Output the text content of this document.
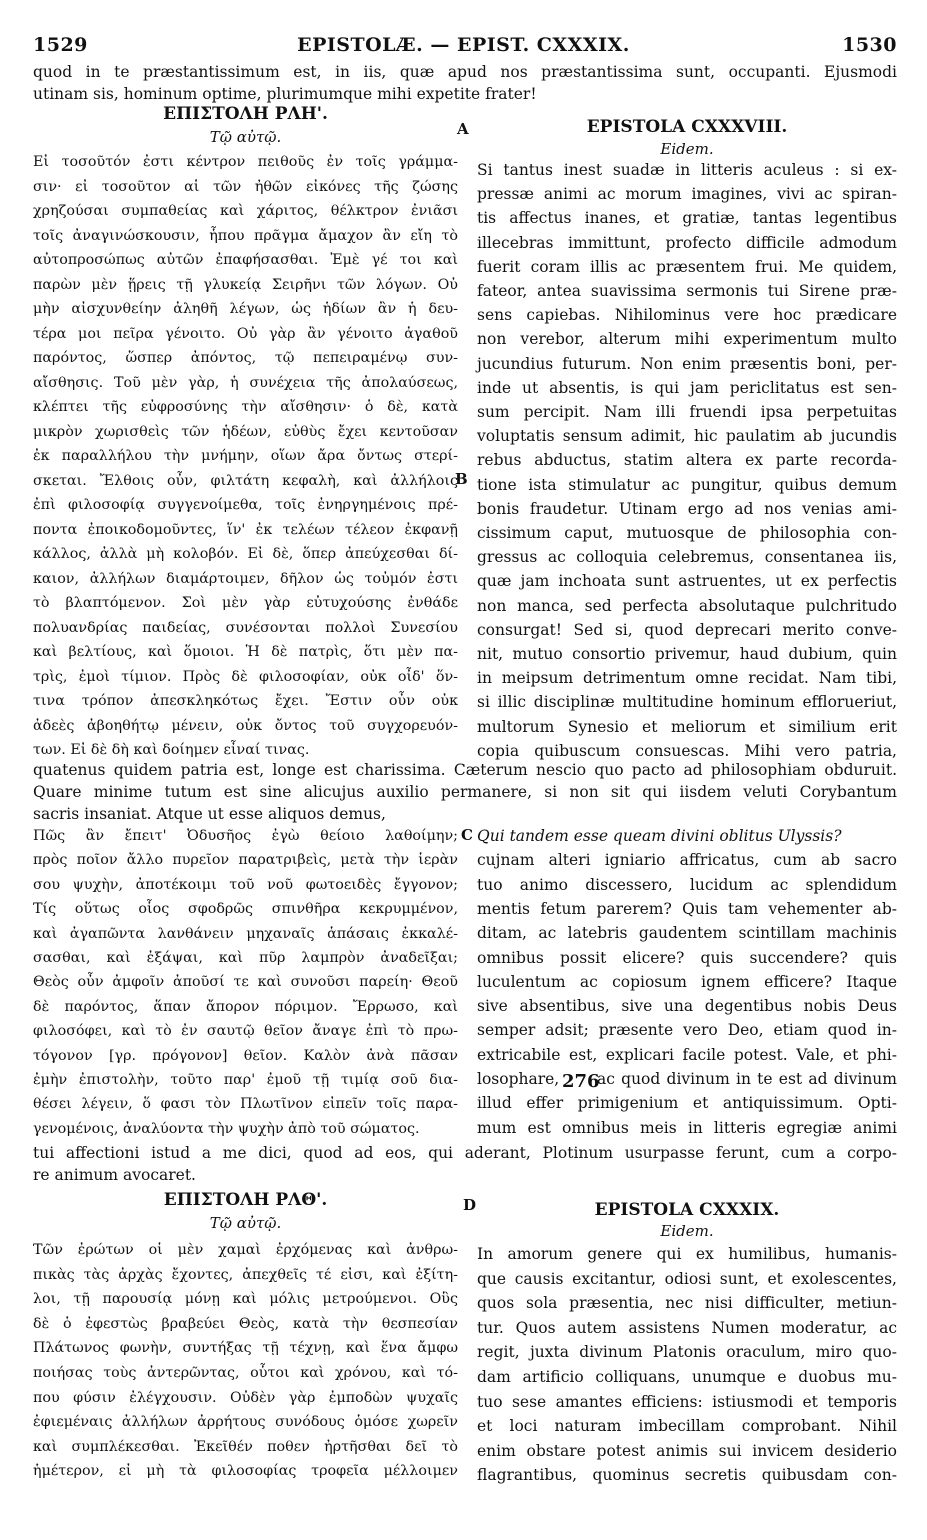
1529	EPISTOLÆ. — EPIST. CXXXIX.	1530
quod in te præstantissimum est, in iis, quæ apud nos præstantissima sunt, occupanti. Ejusmodi
utinam sis, hominum optime, plurimumque mihi expetite frater!
ΕΠΙΣΤΟΛΗ ΡΛΗ'.
Τῷ αὐτῷ.	A	EPISTOLA CXXXVIII.
Eidem.
Εἰ τοσοῦτόν ἐστι κέντρον πειθοῦς ἐν τοῖς γράμμα-
σιν· εἰ τοσοῦτον αἱ τῶν ἠθῶν εἰκόνες τῆς ζώσης
χρηζούσαι συμπαθείας καὶ χάριτος, θέλκτρον ἐνιᾶσι
τοῖς ἀναγινώσκουσιν, ἧπου πρᾶγμα ἄμαχον ἂν εἴη τὸ
αὐτοπροσώπως αὐτῶν ἐπαφήσασθαι. Ἐμὲ γέ τοι καὶ
παρὼν μὲν ᾕρεις τῇ γλυκείᾳ Σειρῆνι τῶν λόγων. Οὐ
μὴν αἰσχυνθείην ἀληθῆ λέγων, ὡς ἡδίων ἂν ἡ δευ-
τέρα μοι πεῖρα γένοιτο. Οὐ γὰρ ἂν γένοιτο ἀγαθοῦ
παρόντος, ὥσπερ ἀπόντος, τῷ πεπειραμένῳ συν-
αἴσθησις. Τοῦ μὲν γὰρ, ἡ συνέχεια τῆς ἀπολαύσεως,
κλέπτει τῆς εὐφροσύνης τὴν αἴσθησιν· ὁ δὲ, κατὰ
μικρὸν χωρισθεὶς τῶν ἡδέων, εὐθὺς ἔχει κεντοῦσαν
ἐκ παραλλήλου τὴν μνήμην, οἵων ἄρα ὄντως στερί-
σκεται. Ἔλθοις οὖν, φιλτάτη κεφαλὴ, καὶ ἀλλήλοις
ἐπὶ φιλοσοφίᾳ συγγενοίμεθα, τοῖς ἐνηργημένοις πρέ-
ποντα ἐποικοδομοῦντες, ἵν' ἐκ τελέων τέλεον ἐκφανῇ
κάλλος, ἀλλὰ μὴ κολοβόν. Εἰ δὲ, ὅπερ ἀπεύχεσθαι δί-
καιον, ἀλλήλων διαμάρτοιμεν, δῆλον ὡς τοὐμόν ἐστι
τὸ βλαπτόμενον. Σοὶ μὲν γὰρ εὐτυχούσης ἐνθάδε
πολυανδρίας παιδείας, συνέσονται πολλοὶ Συνεσίου
καὶ βελτίους, καὶ ὅμοιοι. Ἡ δὲ πατρὶς, ὅτι μὲν πα-
τρὶς, ἐμοὶ τίμιον. Πρὸς δὲ φιλοσοφίαν, οὐκ οἶδ' ὅν-
τινα τρόπον ἀπεσκληκότως ἔχει. Ἔστιν οὖν οὐκ
ἀδεὲς ἀβοηθήτῳ μένειν, οὐκ ὄντος τοῦ συγχορευόν-
των. Εἰ δὲ δὴ καὶ δοίημεν εἶναί τινας.
Si tantus inest suadæ in litteris aculeus : si ex-
pressæ animi ac morum imagines, vivi ac spiran-
tis affectus inanes, et gratiæ, tantas legentibus
illecebras immittunt, profecto difficile admodum
fuerit coram illis ac præsentem frui. Me quidem,
fateor, antea suavissima sermonis tui Sirene præ-
sens capiebas. Nihilominus vere hoc prædicare
non verebor, alterum mihi experimentum multo
jucundius futurum. Non enim præsentis boni, per-
inde ut absentis, is qui jam periclitatus est sen-
sum percipit. Nam illi fruendi ipsa perpetuitas
voluptatis sensum adimit, hic paulatim ab jucundis
rebus abductus, statim altera ex parte recorda-
tione ista stimulatur ac pungitur, quibus demum
bonis fraudetur. Utinam ergo ad nos venias ami-
cissimum caput, mutuosque de philosophia con-
gressus ac colloquia celebremus, consentanea iis,
quæ jam inchoata sunt astruentes, ut ex perfectis
non manca, sed perfecta absolutaque pulchritudo
consurgat! Sed si, quod deprecari merito conve-
nit, mutuo consortio privemur, haud dubium, quin
in meipsum detrimentum omne recidat. Nam tibi,
si illic disciplinæ multitudine hominum efflorueriut,
multorum Synesio et meliorum et similium erit
copia quibuscum consuescas. Mihi vero patria,
B
quatenus quidem patria est, longe est charissima. Cæterum nescio quo pacto ad philosophiam obduruit.
Quare minime tutum est sine alicujus auxilio permanere, si non sit qui iisdem veluti Corybantum
sacris insaniat. Atque ut esse aliquos demus,
C
Πῶς ἂν ἔπειτ' Ὀδυσῆος ἐγὼ θείοιο λαθοίμην;
πρὸς ποῖον ἄλλο πυρεῖον παρατριβεὶς, μετὰ τὴν ἱερὰν
σου ψυχὴν, ἀποτέκοιμι τοῦ νοῦ φωτοειδὲς ἔγγονον;
Τίς οὕτως οἷος σφοδρῶς σπινθῆρα κεκρυμμένον,
καὶ ἀγαπῶντα λανθάνειν μηχαναῖς ἁπάσαις ἐκκαλέ-
σασθαι, καὶ ἐξάψαι, καὶ πῦρ λαμπρὸν ἀναδεῖξαι;
Θεὸς οὖν ἀμφοῖν ἀποῦσί τε καὶ συνοῦσι παρείη· Θεοῦ
δὲ παρόντος, ἅπαν ἄπορον πόριμον. Ἔρρωσο, καὶ
φιλοσόφει, καὶ τὸ ἐν σαυτῷ θεῖον ἄναγε ἐπὶ τὸ πρω-
τόγονον [γρ. πρόγονον] θεῖον. Καλὸν ἀνὰ πᾶσαν
ἐμὴν ἐπιστολὴν, τοῦτο παρ' ἐμοῦ τῇ τιμίᾳ σοῦ δια-
θέσει λέγειν, ὅ φασι τὸν Πλωτῖνον εἰπεῖν τοῖς παρα-
γενομένοις, ἀναλύοντα τὴν ψυχὴν ἀπὸ τοῦ σώματος.
Qui tandem esse queam divini oblitus Ulyssis?
cujnam alteri igniario affricatus, cum ab sacro
tuo animo discessero, lucidum ac splendidum
mentis fetum parerem? Quis tam vehementer ab-
ditam, ac latebris gaudentem scintillam machinis
omnibus possit elicere? quis succendere? quis
luculentum ac copiosum ignem efficere? Itaque
sive absentibus, sive una degentibus nobis Deus
semper adsit; præsente vero Deo, etiam quod in-
extricabile est, explicari facile potest. Vale, et phi-
losophare, ac quod divinum in te est ad divinum
illud effer primigenium et antiquissimum. Opti-
mum est omnibus meis in litteris egregiæ animi
276
tui affectioni istud a me dici, quod ad eos, qui aderant, Plotinum usurpasse ferunt, cum a corpo-
re animum avocaret.
ΕΠΙΣΤΟΛΗ ΡΛΘ'.
Τῷ αὐτῷ.
D	EPISTOLA CXXXIX.
Eidem.
Τῶν ἐρώτων οἱ μὲν χαμαὶ ἐρχόμενας καὶ ἀνθρω-
πικὰς τὰς ἀρχὰς ἔχοντες, ἀπεχθεῖς τέ εἰσι, καὶ ἐξίτη-
λοι, τῇ παρουσίᾳ μόνῃ καὶ μόλις μετρούμενοι. Οὓς
δὲ ὁ ἐφεστὼς βραβεύει Θεὸς, κατὰ τὴν θεσπεσίαν
Πλάτωνος φωνὴν, συντήξας τῇ τέχνῃ, καὶ ἕνα ἄμφω
ποιήσας τοὺς ἀντερῶντας, οὗτοι καὶ χρόνου, καὶ τό-
που φύσιν ἐλέγχουσιν. Οὐδὲν γὰρ ἐμποδὼν ψυχαῖς
ἐφιεμέναις ἀλλήλων ἀρρήτους συνόδους ὁμόσε χωρεῖν
καὶ συμπλέκεσθαι. Ἐκεῖθέν ποθεν ἠρτῆσθαι δεῖ τὸ
ἡμέτερον, εἰ μὴ τὰ φιλοσοφίας τροφεῖα μέλλοιμεν
In amorum genere qui ex humilibus, humanis-
que causis excitantur, odiosi sunt, et exolescentes,
quos sola præsentia, nec nisi difficulter, metiun-
tur. Quos autem assistens Numen moderatur, ac
regit, juxta divinum Platonis oraculum, miro quo-
dam artificio colliquans, unumque e duobus mu-
tuo sese amantes efficiens: istiusmodi et temporis
et loci naturam imbecillam comprobant. Nihil
enim obstare potest animis sui invicem desiderio
flagrantibus, quominus secretis quibusdam con-
